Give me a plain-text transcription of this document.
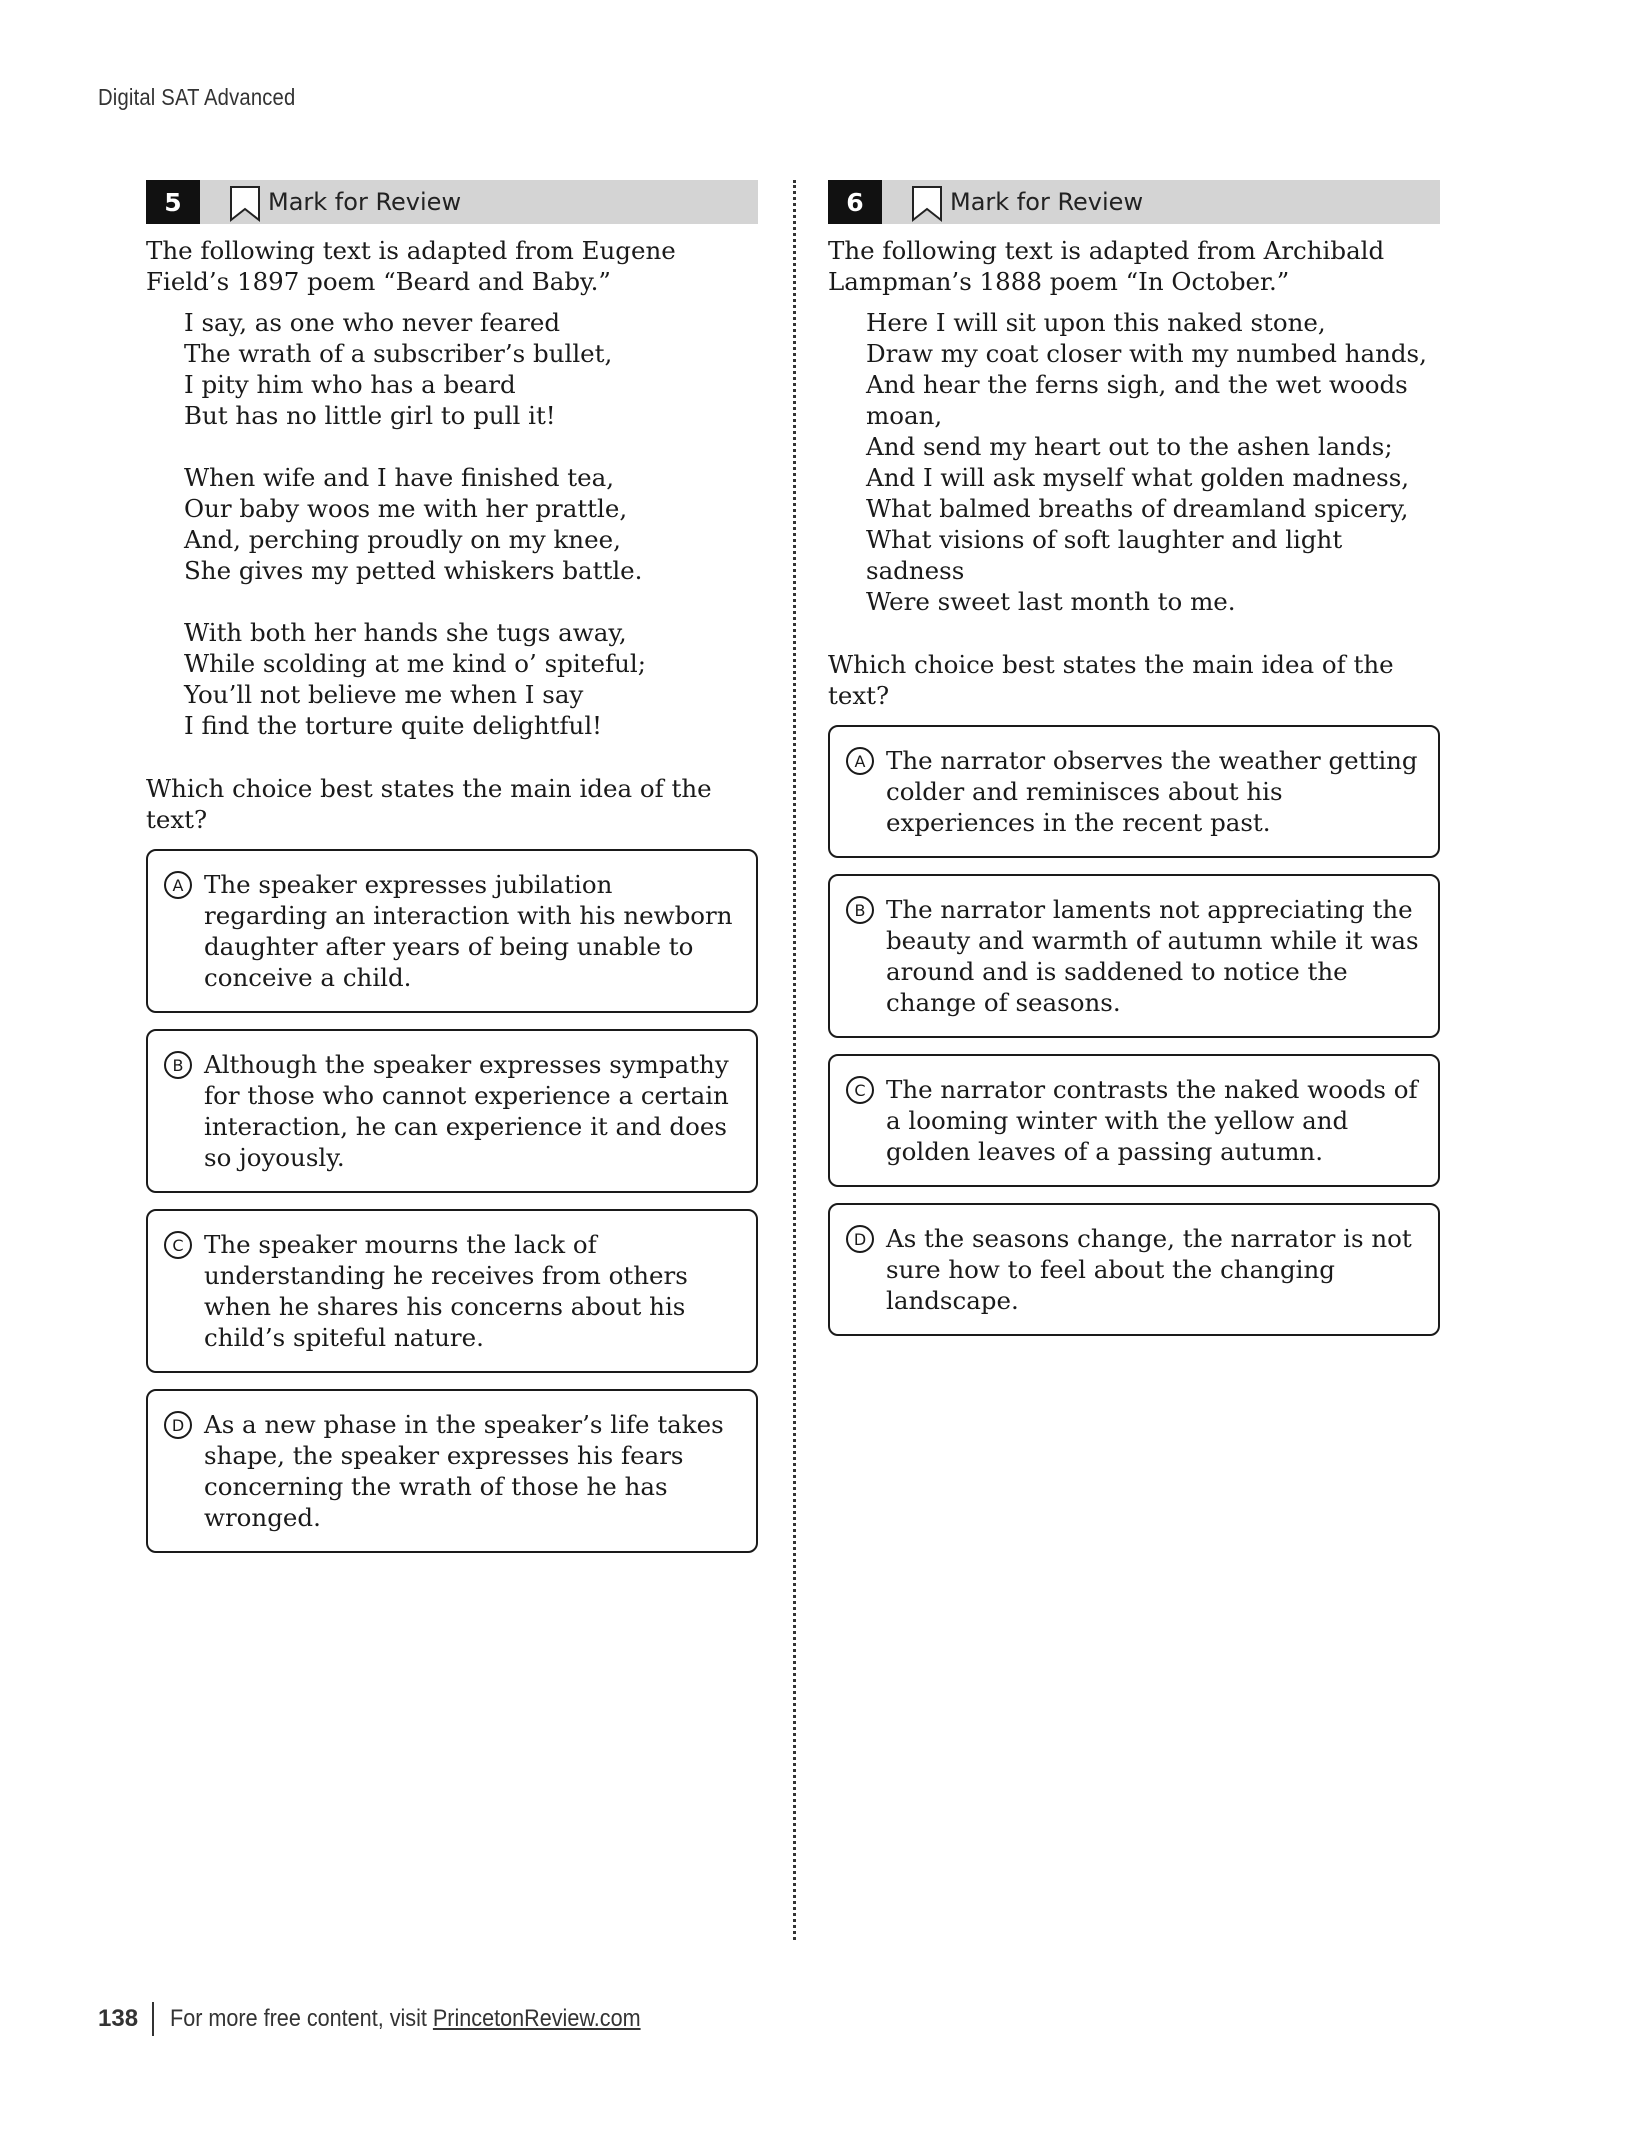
Digital SAT Advanced
5	Mark for Review
The following text is adapted from Eugene Field’s 1897 poem “Beard and Baby.”
I say, as one who never feared
The wrath of a subscriber’s bullet,
I pity him who has a beard
But has no little girl to pull it!
When wife and I have finished tea,
Our baby woos me with her prattle,
And, perching proudly on my knee,
She gives my petted whiskers battle.
With both her hands she tugs away,
While scolding at me kind o’ spiteful;
You’ll not believe me when I say
I find the torture quite delightful!
Which choice best states the main idea of the text?
A The speaker expresses jubilation regarding an interaction with his newborn daughter after years of being unable to conceive a child.
B Although the speaker expresses sympathy for those who cannot experience a certain interaction, he can experience it and does so joyously.
C The speaker mourns the lack of understanding he receives from others when he shares his concerns about his child’s spiteful nature.
D As a new phase in the speaker’s life takes shape, the speaker expresses his fears concerning the wrath of those he has wronged.
6	Mark for Review
The following text is adapted from Archibald Lampman’s 1888 poem “In October.”
Here I will sit upon this naked stone,
Draw my coat closer with my numbed hands,
And hear the ferns sigh, and the wet woods moan,
And send my heart out to the ashen lands;
And I will ask myself what golden madness,
What balmed breaths of dreamland spicery,
What visions of soft laughter and light sadness
Were sweet last month to me.
Which choice best states the main idea of the text?
A The narrator observes the weather getting colder and reminisces about his experiences in the recent past.
B The narrator laments not appreciating the beauty and warmth of autumn while it was around and is saddened to notice the change of seasons.
C The narrator contrasts the naked woods of a looming winter with the yellow and golden leaves of a passing autumn.
D As the seasons change, the narrator is not sure how to feel about the changing landscape.
138 For more free content, visit PrincetonReview.com
